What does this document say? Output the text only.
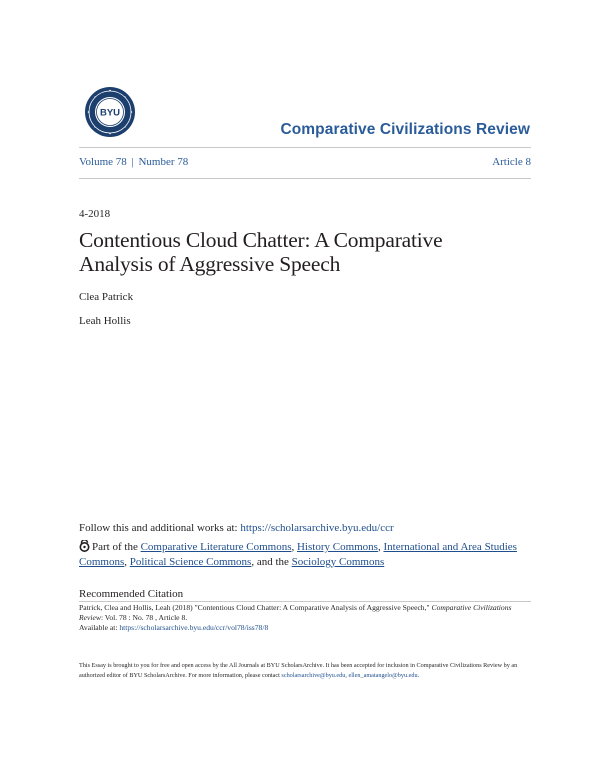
BYU
Comparative Civilizations Review
Volume 78 | Number 78	Article 8
4-2018
Contentious Cloud Chatter: A Comparative Analysis of Aggressive Speech
Clea Patrick
Leah Hollis
Follow this and additional works at: https://scholarsarchive.byu.edu/ccr
Part of the Comparative Literature Commons, History Commons, International and Area Studies Commons, Political Science Commons, and the Sociology Commons
Recommended Citation
Patrick, Clea and Hollis, Leah (2018) "Contentious Cloud Chatter: A Comparative Analysis of Aggressive Speech," Comparative Civilizations Review: Vol. 78 : No. 78 , Article 8.
Available at: https://scholarsarchive.byu.edu/ccr/vol78/iss78/8
This Essay is brought to you for free and open access by the All Journals at BYU ScholarsArchive. It has been accepted for inclusion in Comparative Civilizations Review by an authorized editor of BYU ScholarsArchive. For more information, please contact scholarsarchive@byu.edu, ellen_amatangelo@byu.edu.
